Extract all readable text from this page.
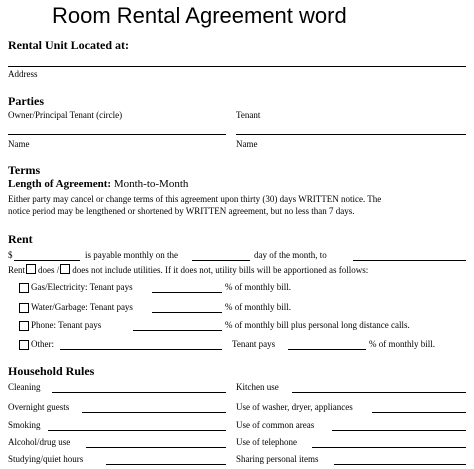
Room Rental Agreement word
Rental Unit Located at:
Address
Parties
Owner/Principal Tenant (circle)	Tenant
Name	Name
Terms
Length of Agreement: Month-to-Month
Either party may cancel or change terms of this agreement upon thirty (30) days WRITTEN notice. The
notice period may be lengthened or shortened by WRITTEN agreement, but no less than 7 days.
Rent
$	is payable monthly on the	day of the month, to
Rent does / does not include utilities. If it does not, utility bills will be apportioned as follows:
Gas/Electricity: Tenant pays	% of monthly bill.
Water/Garbage: Tenant pays	% of monthly bill.
Phone: Tenant pays	% of monthly bill plus personal long distance calls.
Other:	Tenant pays	% of monthly bill.
Household Rules
Cleaning	Kitchen use
Overnight guests	Use of washer, dryer, appliances
Smoking	Use of common areas
Alcohol/drug use	Use of telephone
Studying/quiet hours	Sharing personal items
